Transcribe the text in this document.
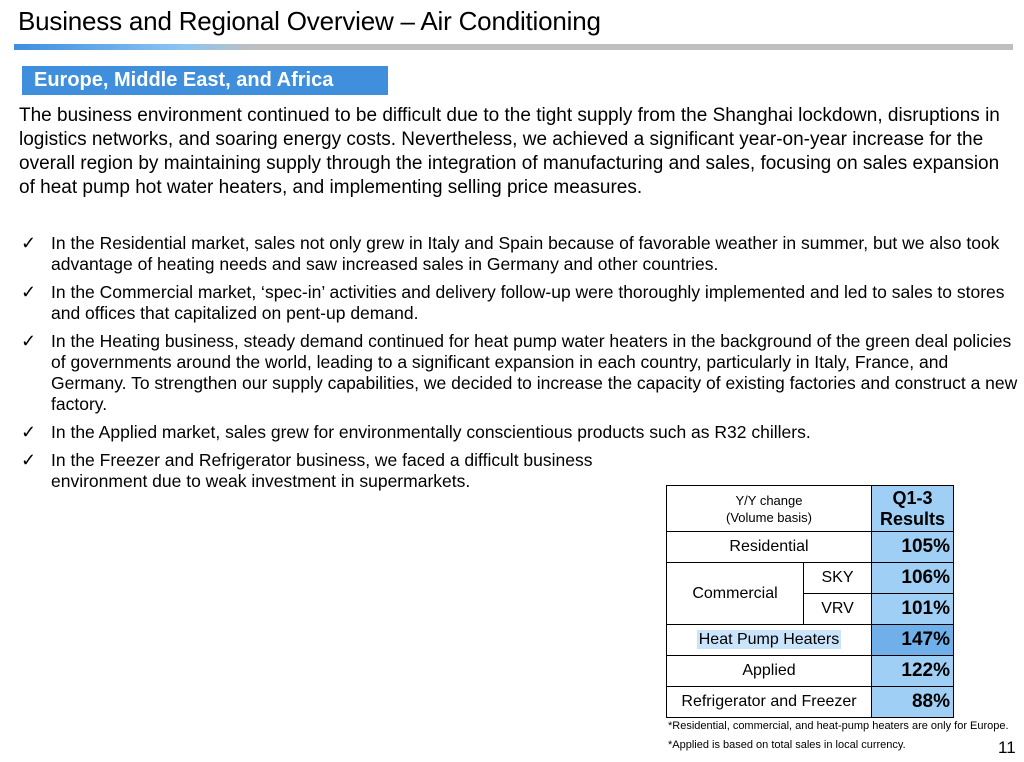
Business and Regional Overview – Air Conditioning
Europe, Middle East, and Africa

The business environment continued to be difficult due to the tight supply from the Shanghai lockdown, disruptions in logistics networks, and soaring energy costs. Nevertheless, we achieved a significant year-on-year increase for the overall region by maintaining supply through the integration of manufacturing and sales, focusing on sales expansion of heat pump hot water heaters, and implementing selling price measures.

✓ In the Residential market, sales not only grew in Italy and Spain because of favorable weather in summer, but we also took advantage of heating needs and saw increased sales in Germany and other countries.
✓ In the Commercial market, ‘spec-in’ activities and delivery follow-up were thoroughly implemented and led to sales to stores and offices that capitalized on pent-up demand.
✓ In the Heating business, steady demand continued for heat pump water heaters in the background of the green deal policies of governments around the world, leading to a significant expansion in each country, particularly in Italy, France, and Germany. To strengthen our supply capabilities, we decided to increase the capacity of existing factories and construct a new factory.
✓ In the Applied market, sales grew for environmentally conscientious products such as R32 chillers.
✓ In the Freezer and Refrigerator business, we faced a difficult business environment due to weak investment in supermarkets.
Y/Y change
(Volume basis)		Q1-3 Results
Residential		105%
Commercial	SKY	106%
	VRV	101%
Heat Pump Heaters		147%
Applied		122%
Refrigerator and Freezer		88%
*Residential, commercial, and heat-pump heaters are only for Europe.
*Applied is based on total sales in local currency.	11
